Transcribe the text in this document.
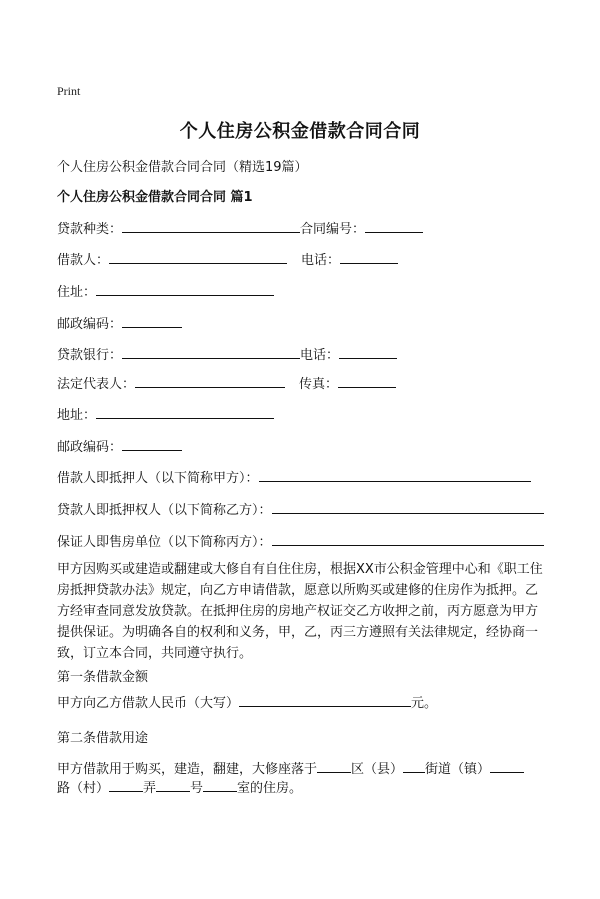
Print
个人住房公积金借款合同合同
个人住房公积金借款合同合同（精选19篇）
个人住房公积金借款合同合同 篇1
贷款种类：	合同编号：
借款人：	电话：
住址：
邮政编码：
贷款银行：	电话：
法定代表人：	传真：
地址：
邮政编码：
借款人即抵押人（以下简称甲方）：
贷款人即抵押权人（以下简称乙方）：
保证人即售房单位（以下简称丙方）：
甲方因购买或建造或翻建或大修自有自住住房，根据XX市公积金管理中心和《职工住房抵押贷款办法》规定，向乙方申请借款，愿意以所购买或建修的住房作为抵押。乙方经审查同意发放贷款。在抵押住房的房地产权证交乙方收押之前，丙方愿意为甲方提供保证。为明确各自的权利和义务，甲，乙，丙三方遵照有关法律规定，经协商一致，订立本合同，共同遵守执行。
第一条借款金额
甲方向乙方借款人民币（大写）	元。
第二条借款用途
甲方借款用于购买，建造，翻建，大修座落于	区（县） 街道（镇）
路（村）	弄	号	室的住房。
